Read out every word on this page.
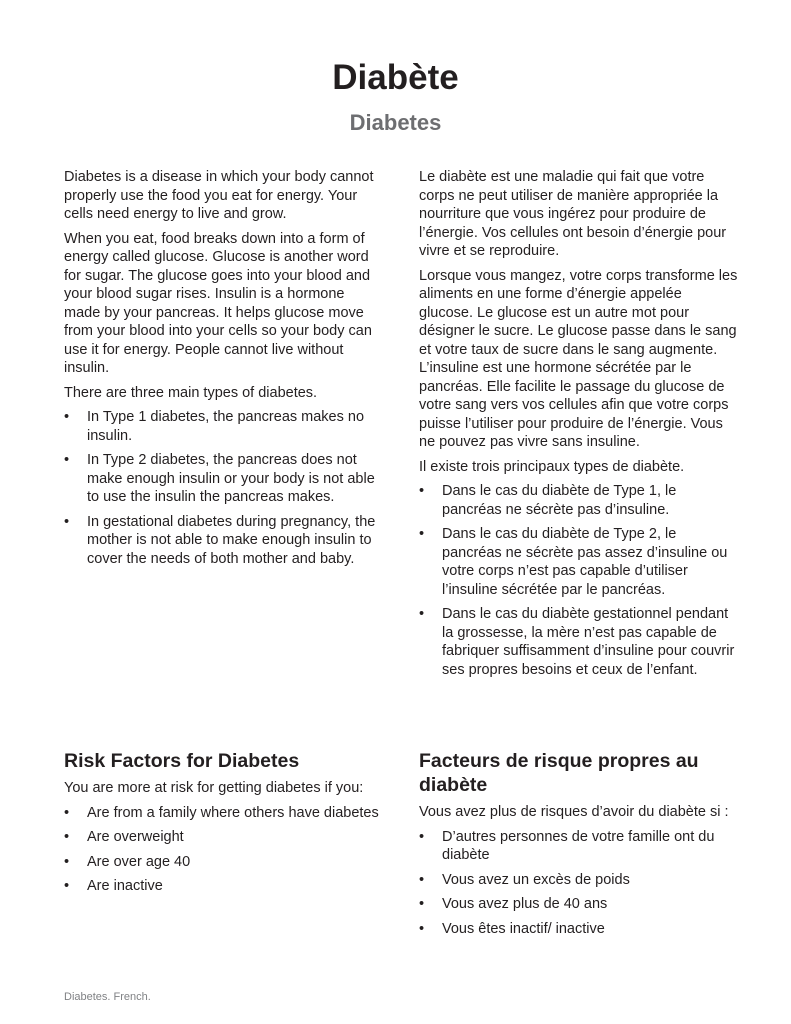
Diabète
Diabetes

Diabetes is a disease in which your body cannot properly use the food you eat for energy. Your cells need energy to live and grow.

When you eat, food breaks down into a form of energy called glucose. Glucose is another word for sugar. The glucose goes into your blood and your blood sugar rises. Insulin is a hormone made by your pancreas. It helps glucose move from your blood into your cells so your body can use it for energy. People cannot live without insulin.

There are three main types of diabetes.

• In Type 1 diabetes, the pancreas makes no insulin.
• In Type 2 diabetes, the pancreas does not make enough insulin or your body is not able to use the insulin the pancreas makes.
• In gestational diabetes during pregnancy, the mother is not able to make enough insulin to cover the needs of both mother and baby.

Le diabète est une maladie qui fait que votre corps ne peut utiliser de manière appropriée la nourriture que vous ingérez pour produire de l’énergie. Vos cellules ont besoin d’énergie pour vivre et se reproduire.

Lorsque vous mangez, votre corps transforme les aliments en une forme d’énergie appelée glucose. Le glucose est un autre mot pour désigner le sucre. Le glucose passe dans le sang et votre taux de sucre dans le sang augmente. L’insuline est une hormone sécrétée par le pancréas. Elle facilite le passage du glucose de votre sang vers vos cellules afin que votre corps puisse l’utiliser pour produire de l’énergie. Vous ne pouvez pas vivre sans insuline.

Il existe trois principaux types de diabète.

• Dans le cas du diabète de Type 1, le pancréas ne sécrète pas d’insuline.
• Dans le cas du diabète de Type 2, le pancréas ne sécrète pas assez d’insuline ou votre corps n’est pas capable d’utiliser l’insuline sécrétée par le pancréas.
• Dans le cas du diabète gestationnel pendant la grossesse, la mère n’est pas capable de fabriquer suffisamment d’insuline pour couvrir ses propres besoins et ceux de l’enfant.
Risk Factors for Diabetes

You are more at risk for getting diabetes if you:

• Are from a family where others have diabetes
• Are overweight
• Are over age 40
• Are inactive
Facteurs de risque propres au diabète

Vous avez plus de risques d’avoir du diabète si :

• D’autres personnes de votre famille ont du diabète
• Vous avez un excès de poids
• Vous avez plus de 40 ans
• Vous êtes inactif/ inactive
Diabetes. French.
